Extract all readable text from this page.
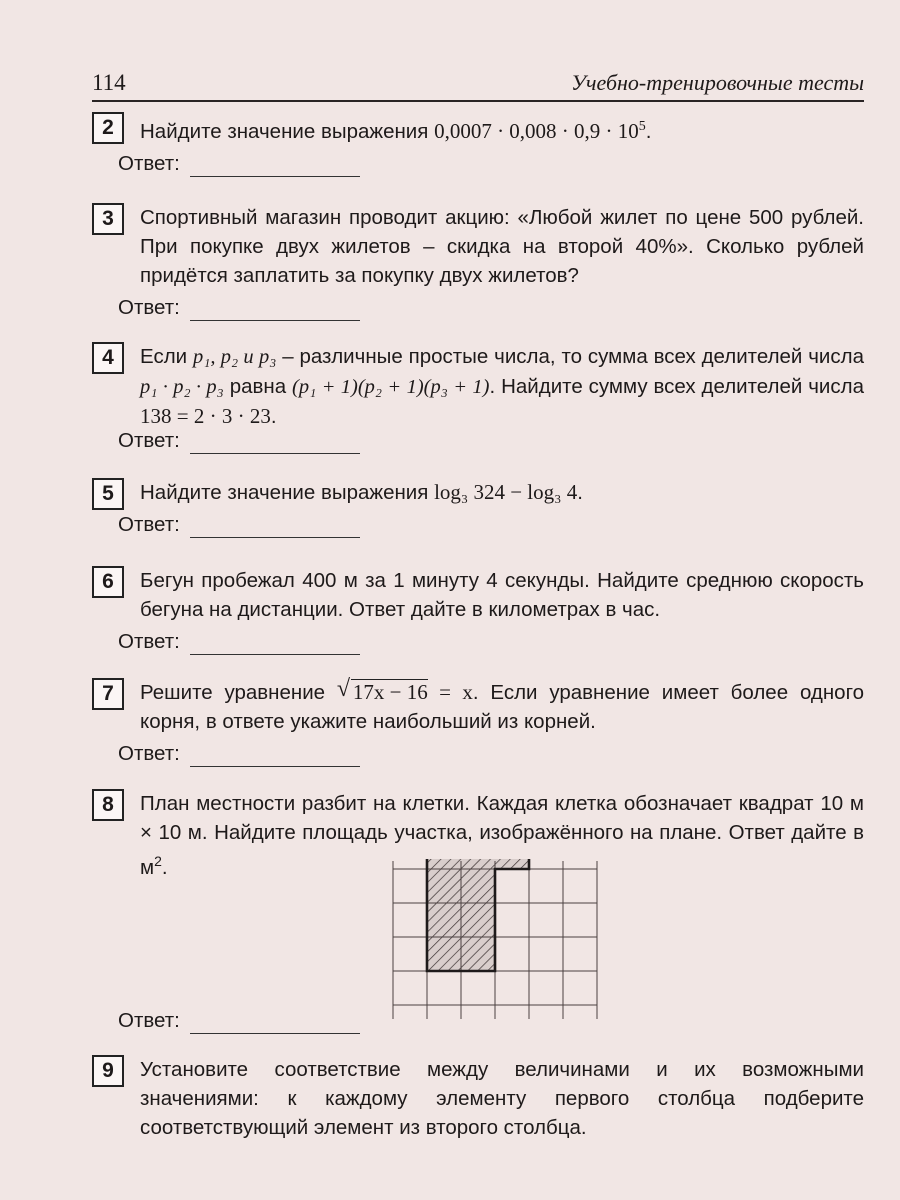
114	Учебно-тренировочные тесты
2	Найдите значение выражения $0,0007 \cdot 0,008 \cdot 0,9 \cdot 10^5$.
Ответ:
3	Спортивный магазин проводит акцию: «Любой жилет по цене 500 рублей. При покупке двух жилетов – скидка на второй 40%». Сколько рублей придётся заплатить за покупку двух жилетов?
Ответ:
4	Если p₁, p₂ и p₃ – различные простые числа, то сумма всех делителей числа p₁ · p₂ · p₃ равна (p₁ + 1)(p₂ + 1)(p₃ + 1). Найдите сумму всех делителей числа 138 = 2 · 3 · 23.
Ответ:
5	Найдите значение выражения log₃ 324 − log₃ 4.
Ответ:
6	Бегун пробежал 400 м за 1 минуту 4 секунды. Найдите среднюю скорость бегуна на дистанции. Ответ дайте в километрах в час.
Ответ:
7	Решите уравнение √ 17x − 16 = x. Если уравнение имеет более одного корня, в ответе укажите наибольший из корней.
Ответ:
8	План местности разбит на клетки. Каждая клетка обозначает квадрат 10 м × 10 м. Найдите площадь участка, изображённого на плане. Ответ дайте в $м^2$.
Ответ:
9	Установите соответствие между величинами и их возможными значениями: к каждому элементу первого столбца подберите соответствующий элемент из второго столбца.
